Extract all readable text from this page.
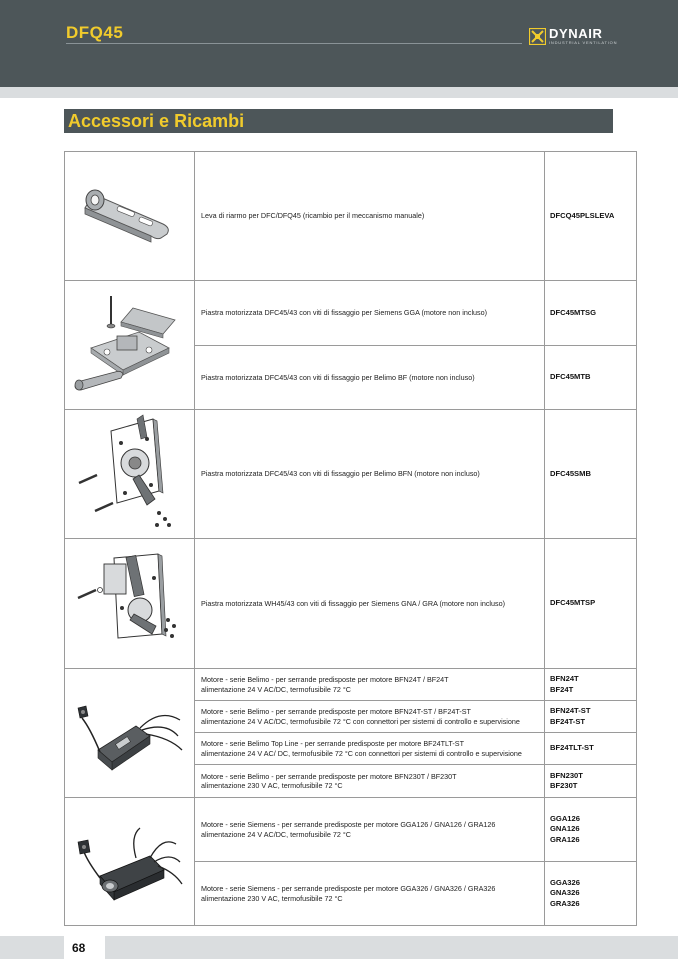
DFQ45	DYNAIR
INDUSTRIAL VENTILATION
Accessori e Ricambi

Leva di riarmo per DFC/DFQ45 (ricambio per il meccanismo manuale)	DFCQ45PLSLEVA

Piastra motorizzata DFC45/43 con viti di fissaggio per Siemens GGA (motore non incluso)	DFC45MTSG

	Piastra motorizzata DFC45/43 con viti di fissaggio per Belimo BF (motore non incluso)	DFC45MTB

Piastra motorizzata DFC45/43 con viti di fissaggio per Belimo BFN (motore non incluso)	DFC45SMB

Piastra motorizzata WH45/43 con viti di fissaggio per Siemens GNA / GRA (motore non incluso)	DFC45MTSP

Motore - serie Belimo - per serrande predisposte per motore BFN24T / BF24T
alimentazione 24 V AC/DC, termofusibile 72 °C	BFN24T
BF24T

	Motore - serie Belimo - per serrande predisposte per motore BFN24T-ST / BF24T-ST
alimentazione 24 V AC/DC, termofusibile 72 °C con connettori per sistemi di controllo e supervisione	BFN24T-ST
BF24T-ST

	Motore - serie Belimo Top Line - per serrande predisposte per motore BF24TLT-ST
alimentazione 24 V AC/ DC, termofusibile 72 °C con connettori per sistemi di controllo e supervisione	BF24TLT-ST

	Motore - serie Belimo - per serrande predisposte per motore BFN230T / BF230T
alimentazione 230 V AC, termofusibile 72 °C	BFN230T
BF230T

Motore - serie Siemens - per serrande predisposte per motore GGA126 / GNA126 / GRA126
alimentazione 24 V AC/DC, termofusibile 72 °C	GGA126
GNA126
GRA126

	Motore - serie Siemens - per serrande predisposte per motore GGA326 / GNA326 / GRA326
alimentazione 230 V AC, termofusibile 72 °C	GGA326
GNA326
GRA326
68
